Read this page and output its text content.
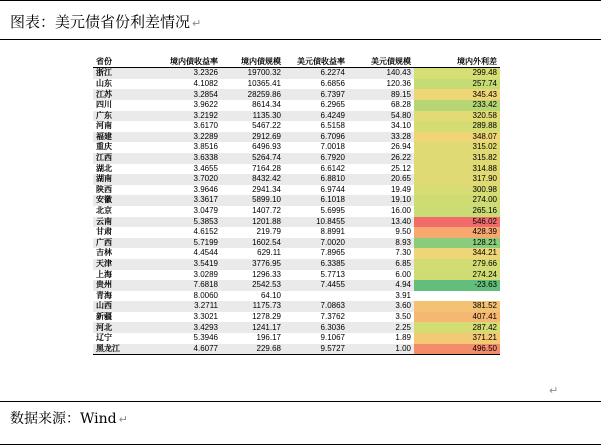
图表：美元债省份利差情况 ↵
省份	境内债收益率	境内债规模	美元债收益率	美元债规模	境内外利差
浙江	3.2326	19700.32	6.2274	140.43	299.48
山东	4.1082	10365.41	6.6856	120.36	257.74
江苏	3.2854	28259.86	6.7397	89.15	345.43
四川	3.9622	8614.34	6.2965	68.28	233.42
广东	3.2192	1135.30	6.4249	54.80	320.58
河南	3.6170	5467.22	6.5158	34.10	289.88
福建	3.2289	2912.69	6.7096	33.28	348.07
重庆	3.8516	6496.93	7.0018	26.94	315.02
江西	3.6338	5264.74	6.7920	26.22	315.82
湖北	3.4655	7164.28	6.6142	25.12	314.88
湖南	3.7020	8432.42	6.8810	20.65	317.90
陕西	3.9646	2941.34	6.9744	19.49	300.98
安徽	3.3617	5899.10	6.1018	19.10	274.00
北京	3.0479	1407.72	5.6995	16.00	265.16
云南	5.3853	1201.88	10.8455	13.40	546.02
甘肃	4.6152	219.79	8.8991	9.50	428.39
广西	5.7199	1602.54	7.0020	8.93	128.21
吉林	4.4544	629.11	7.8965	7.30	344.21
天津	3.5419	3776.95	6.3385	6.85	279.66
上海	3.0289	1296.33	5.7713	6.00	274.24
贵州	7.6818	2542.53	7.4455	4.94	-23.63
青海	8.0060	64.10		3.91	
山西	3.2711	1175.73	7.0863	3.60	381.52
新疆	3.3021	1278.29	7.3762	3.50	407.41
河北	3.4293	1241.17	6.3036	2.25	287.42
辽宁	5.3946	196.17	9.1067	1.89	371.21
黑龙江	4.6077	229.68	9.5727	1.00	496.50
↵
数据来源：Wind ↵
